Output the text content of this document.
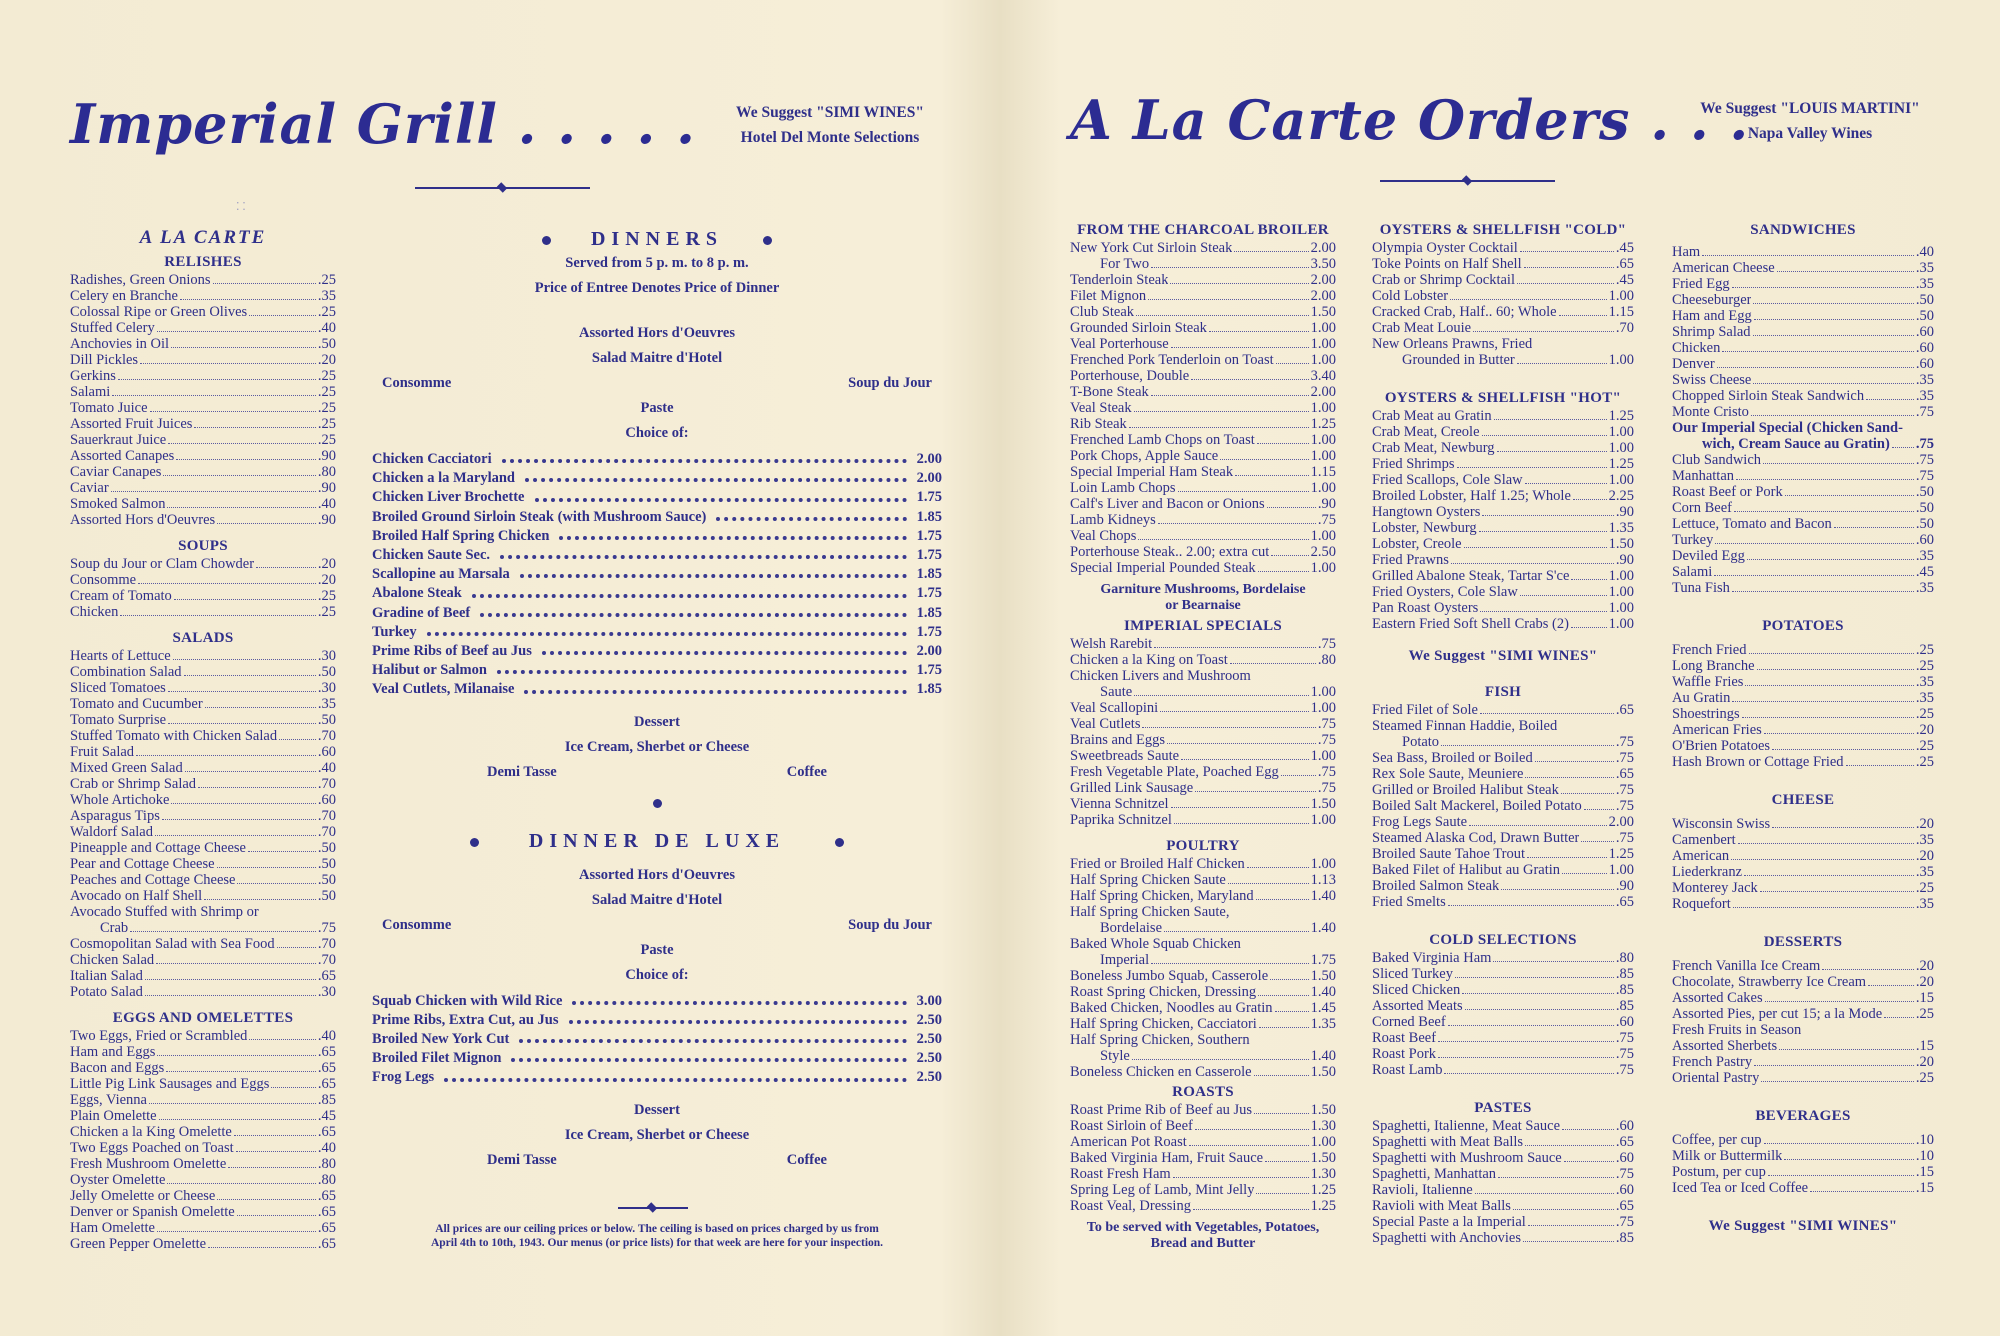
Imperial Grill . . . . .	We Suggest "SIMI WINES"
Hotel Del Monte Selections
⁚ ⁚
A La Carte Orders . . .
We Suggest "LOUIS MARTINI"
Napa Valley Wines
A LA CARTE
RELISHES
Radishes, Green Onions	.25
Celery en Branche	.35
Colossal Ripe or Green Olives	.25
Stuffed Celery	.40
Anchovies in Oil	.50
Dill Pickles	.20
Gerkins	.25
Salami	.25
Tomato Juice	.25
Assorted Fruit Juices	.25
Sauerkraut Juice	.25
Assorted Canapes	.90
Caviar Canapes	.80
Caviar	.90
Smoked Salmon	.40
Assorted Hors d'Oeuvres	.90
SOUPS
Soup du Jour or Clam Chowder	.20
Consomme	.20
Cream of Tomato	.25
Chicken	.25
SALADS
Hearts of Lettuce	.30
Combination Salad	.50
Sliced Tomatoes	.30
Tomato and Cucumber	.35
Tomato Surprise	.50
Stuffed Tomato with Chicken Salad	.70
Fruit Salad	.60
Mixed Green Salad	.40
Crab or Shrimp Salad	.70
Whole Artichoke	.60
Asparagus Tips	.70
Waldorf Salad	.70
Pineapple and Cottage Cheese	.50
Pear and Cottage Cheese	.50
Peaches and Cottage Cheese	.50
Avocado on Half Shell	.50
Avocado Stuffed with Shrimp or
Crab	.75
Cosmopolitan Salad with Sea Food	.70
Chicken Salad	.70
Italian Salad	.65
Potato Salad	.30
EGGS AND OMELETTES
Two Eggs, Fried or Scrambled	.40
Ham and Eggs	.65
Bacon and Eggs	.65
Little Pig Link Sausages and Eggs	.65
Eggs, Vienna	.85
Plain Omelette	.45
Chicken a la King Omelette	.65
Two Eggs Poached on Toast	.40
Fresh Mushroom Omelette	.80
Oyster Omelette	.80
Jelly Omelette or Cheese	.65
Denver or Spanish Omelette	.65
Ham Omelette	.65
Green Pepper Omelette	.65
DINNERS
Served from 5 p. m. to 8 p. m.
Price of Entree Denotes Price of Dinner
Assorted Hors d'Oeuvres
Salad Maitre d'Hotel
Consomme	Soup du Jour
Paste
Choice of:
Chicken Cacciatori	2.00
Chicken a la Maryland	2.00
Chicken Liver Brochette	1.75
Broiled Ground Sirloin Steak (with Mushroom Sauce)	1.85
Broiled Half Spring Chicken	1.75
Chicken Saute Sec.	1.75
Scallopine au Marsala	1.85
Abalone Steak	1.75
Gradine of Beef	1.85
Turkey	1.75
Prime Ribs of Beef au Jus	2.00
Halibut or Salmon	1.75
Veal Cutlets, Milanaise	1.85
Dessert
Ice Cream, Sherbet or Cheese
Demi Tasse	Coffee
DINNER DE LUXE
Assorted Hors d'Oeuvres
Salad Maitre d'Hotel
Consomme	Soup du Jour
Paste
Choice of:
Squab Chicken with Wild Rice	3.00
Prime Ribs, Extra Cut, au Jus	2.50
Broiled New York Cut	2.50
Broiled Filet Mignon	2.50
Frog Legs	2.50
Dessert
Ice Cream, Sherbet or Cheese
Demi Tasse	Coffee
All prices are our ceiling prices or below. The ceiling is based on prices charged by us from
April 4th to 10th, 1943. Our menus (or price lists) for that week are here for your inspection.
FROM THE CHARCOAL BROILER
New York Cut Sirloin Steak	2.00
For Two	3.50
Tenderloin Steak	2.00
Filet Mignon	2.00
Club Steak	1.50
Grounded Sirloin Steak	1.00
Veal Porterhouse	1.00
Frenched Pork Tenderloin on Toast	1.00
Porterhouse, Double	3.40
T-Bone Steak	2.00
Veal Steak	1.00
Rib Steak	1.25
Frenched Lamb Chops on Toast	1.00
Pork Chops, Apple Sauce	1.00
Special Imperial Ham Steak	1.15
Loin Lamb Chops	1.00
Calf's Liver and Bacon or Onions	.90
Lamb Kidneys	.75
Veal Chops	1.00
Porterhouse Steak.. 2.00; extra cut	2.50
Special Imperial Pounded Steak	1.00
Garniture Mushrooms, Bordelaise
or Bearnaise
IMPERIAL SPECIALS
Welsh Rarebit	.75
Chicken a la King on Toast	.80
Chicken Livers and Mushroom
Saute	1.00
Veal Scallopini	1.00
Veal Cutlets	.75
Brains and Eggs	.75
Sweetbreads Saute	1.00
Fresh Vegetable Plate, Poached Egg	.75
Grilled Link Sausage	.75
Vienna Schnitzel	1.50
Paprika Schnitzel	1.00
POULTRY
Fried or Broiled Half Chicken	1.00
Half Spring Chicken Saute	1.13
Half Spring Chicken, Maryland	1.40
Half Spring Chicken Saute,
Bordelaise	1.40
Baked Whole Squab Chicken
Imperial	1.75
Boneless Jumbo Squab, Casserole	1.50
Roast Spring Chicken, Dressing	1.40
Baked Chicken, Noodles au Gratin	1.45
Half Spring Chicken, Cacciatori	1.35
Half Spring Chicken, Southern
Style	1.40
Boneless Chicken en Casserole	1.50
ROASTS
Roast Prime Rib of Beef au Jus	1.50
Roast Sirloin of Beef	1.30
American Pot Roast	1.00
Baked Virginia Ham, Fruit Sauce	1.50
Roast Fresh Ham	1.30
Spring Leg of Lamb, Mint Jelly	1.25
Roast Veal, Dressing	1.25
To be served with Vegetables, Potatoes,
Bread and Butter
OYSTERS & SHELLFISH "COLD"
Olympia Oyster Cocktail	.45
Toke Points on Half Shell	.65
Crab or Shrimp Cocktail	.45
Cold Lobster	1.00
Cracked Crab, Half.. 60; Whole	1.15
Crab Meat Louie	.70
New Orleans Prawns, Fried
Grounded in Butter	1.00
OYSTERS & SHELLFISH "HOT"
Crab Meat au Gratin	1.25
Crab Meat, Creole	1.00
Crab Meat, Newburg	1.00
Fried Shrimps	1.25
Fried Scallops, Cole Slaw	1.00
Broiled Lobster, Half 1.25; Whole	2.25
Hangtown Oysters	.90
Lobster, Newburg	1.35
Lobster, Creole	1.50
Fried Prawns	.90
Grilled Abalone Steak, Tartar S'ce	1.00
Fried Oysters, Cole Slaw	1.00
Pan Roast Oysters	1.00
Eastern Fried Soft Shell Crabs (2)	1.00
We Suggest "SIMI WINES"
FISH
Fried Filet of Sole	.65
Steamed Finnan Haddie, Boiled
Potato	.75
Sea Bass, Broiled or Boiled	.75
Rex Sole Saute, Meuniere	.65
Grilled or Broiled Halibut Steak	.75
Boiled Salt Mackerel, Boiled Potato .75
Frog Legs Saute	2.00
Steamed Alaska Cod, Drawn Butter	.75
Broiled Saute Tahoe Trout	1.25
Baked Filet of Halibut au Gratin	1.00
Broiled Salmon Steak	.90
Fried Smelts	.65
COLD SELECTIONS
Baked Virginia Ham	.80
Sliced Turkey	.85
Sliced Chicken	.85
Assorted Meats	.85
Corned Beef	.60
Roast Beef	.75
Roast Pork	.75
Roast Lamb	.75
PASTES
Spaghetti, Italienne, Meat Sauce	.60
Spaghetti with Meat Balls	.65
Spaghetti with Mushroom Sauce	.60
Spaghetti, Manhattan	.75
Ravioli, Italienne	.60
Ravioli with Meat Balls	.65
Special Paste a la Imperial	.75
Spaghetti with Anchovies	.85
SANDWICHES
Ham	.40
American Cheese	.35
Fried Egg	.35
Cheeseburger	.50
Ham and Egg	.50
Shrimp Salad	.60
Chicken	.60
Denver	.60
Swiss Cheese	.35
Chopped Sirloin Steak Sandwich	.35
Monte Cristo	.75
Our Imperial Special (Chicken Sand-
wich, Cream Sauce au Gratin) .75
Club Sandwich	.75
Manhattan	.75
Roast Beef or Pork	.50
Corn Beef	.50
Lettuce, Tomato and Bacon	.50
Turkey	.60
Deviled Egg	.35
Salami	.45
Tuna Fish	.35
POTATOES
French Fried	.25
Long Branche	.25
Waffle Fries	.35
Au Gratin	.35
Shoestrings	.25
American Fries	.20
O'Brien Potatoes	.25
Hash Brown or Cottage Fried	.25
CHEESE
Wisconsin Swiss	.20
Camenbert	.35
American	.20
Liederkranz	.35
Monterey Jack	.25
Roquefort	.35
DESSERTS
French Vanilla Ice Cream	.20
Chocolate, Strawberry Ice Cream	.20
Assorted Cakes	.15
Assorted Pies, per cut 15; a la Mode .25
Fresh Fruits in Season
Assorted Sherbets	.15
French Pastry	.20
Oriental Pastry	.25
BEVERAGES
Coffee, per cup	.10
Milk or Buttermilk	.10
Postum, per cup	.15
Iced Tea or Iced Coffee	.15
We Suggest "SIMI WINES"
